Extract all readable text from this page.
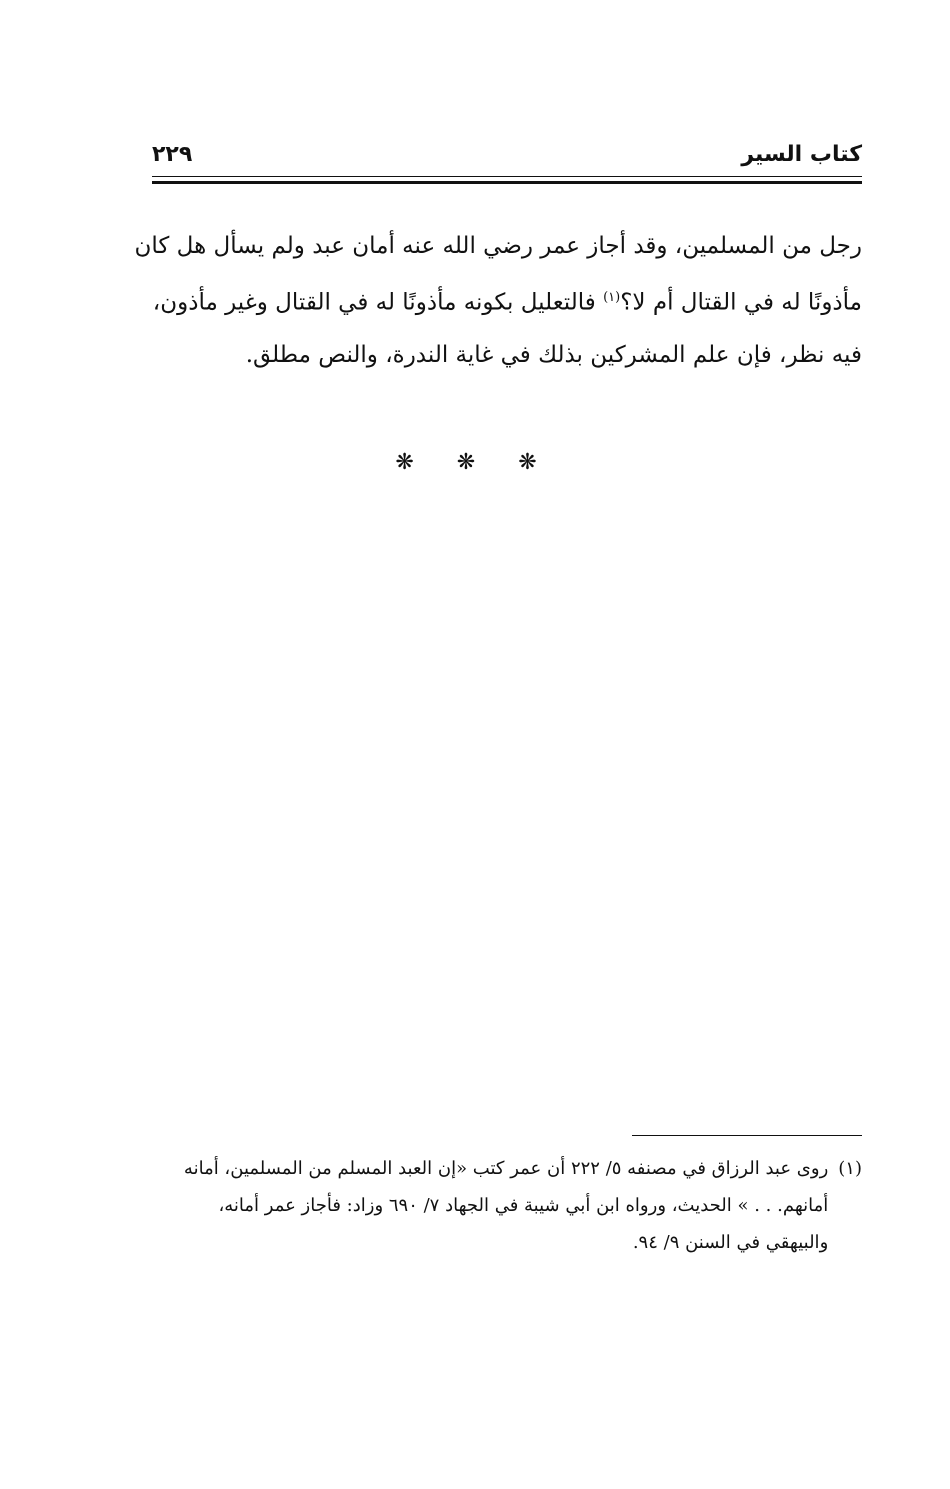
كتاب السير
٢٢٩
رجل من المسلمين، وقد أجاز عمر رضي الله عنه أمان عبد ولم يسأل هل كان
مأذونًا له في القتال أم لا؟$^{(١)}$ فالتعليل بكونه مأذونًا له في القتال وغير مأذون،
فيه نظر، فإن علم المشركين بذلك في غاية الندرة، والنص مطلق.
❋ ❋ ❋
(١)
روى عبد الرزاق في مصنفه ٥/ ٢٢٢ أن عمر كتب «إن العبد المسلم من المسلمين، أمانه
أمانهم. . . » الحديث، ورواه ابن أبي شيبة في الجهاد ٧/ ٦٩٠ وزاد: فأجاز عمر أمانه،
والبيهقي في السنن ٩/ ٩٤.
